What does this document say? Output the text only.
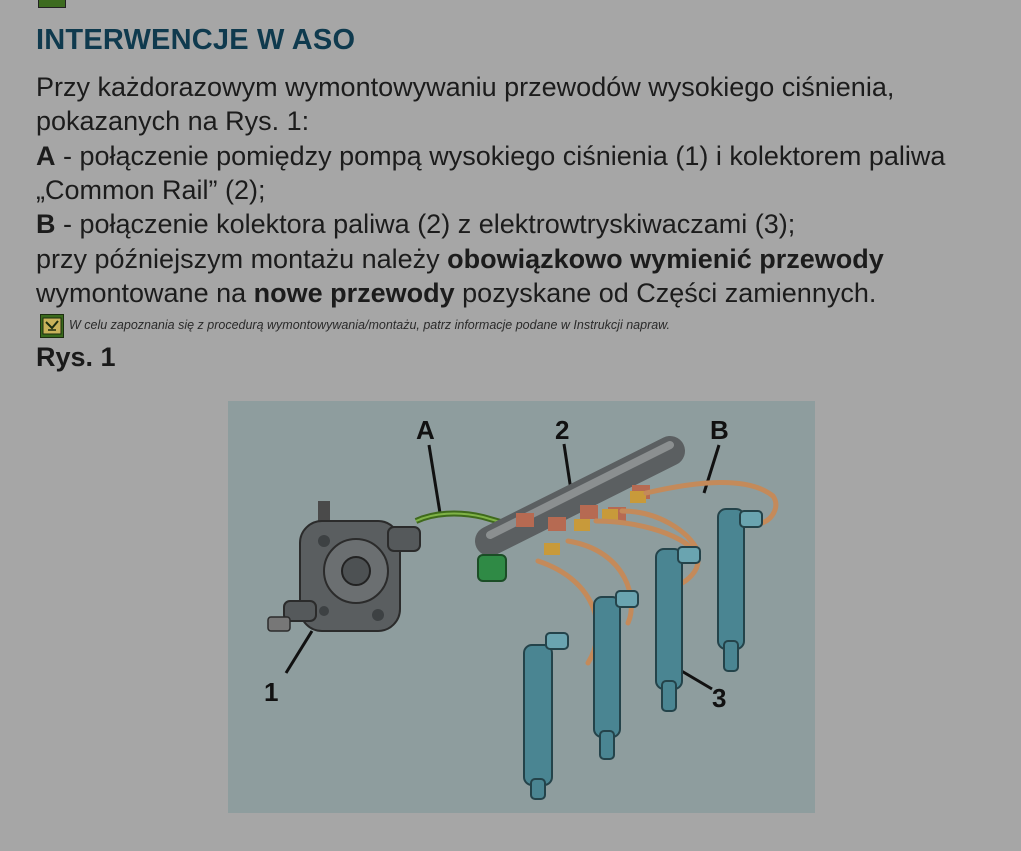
INTERWENCJE W ASO
Przy każdorazowym wymontowywaniu przewodów wysokiego ciśnienia,
pokazanych na Rys. 1:
A - połączenie pomiędzy pompą wysokiego ciśnienia (1) i kolektorem paliwa
„Common Rail” (2);
B - połączenie kolektora paliwa (2) z elektrowtryskiwaczami (3);
przy późniejszym montażu należy obowiązkowo wymienić przewody
wymontowane na nowe przewody pozyskane od Części zamiennych.
W celu zapoznania się z procedurą wymontowywania/montażu, patrz informacje podane w Instrukcji napraw.
Rys. 1
A	2	B
1	3
